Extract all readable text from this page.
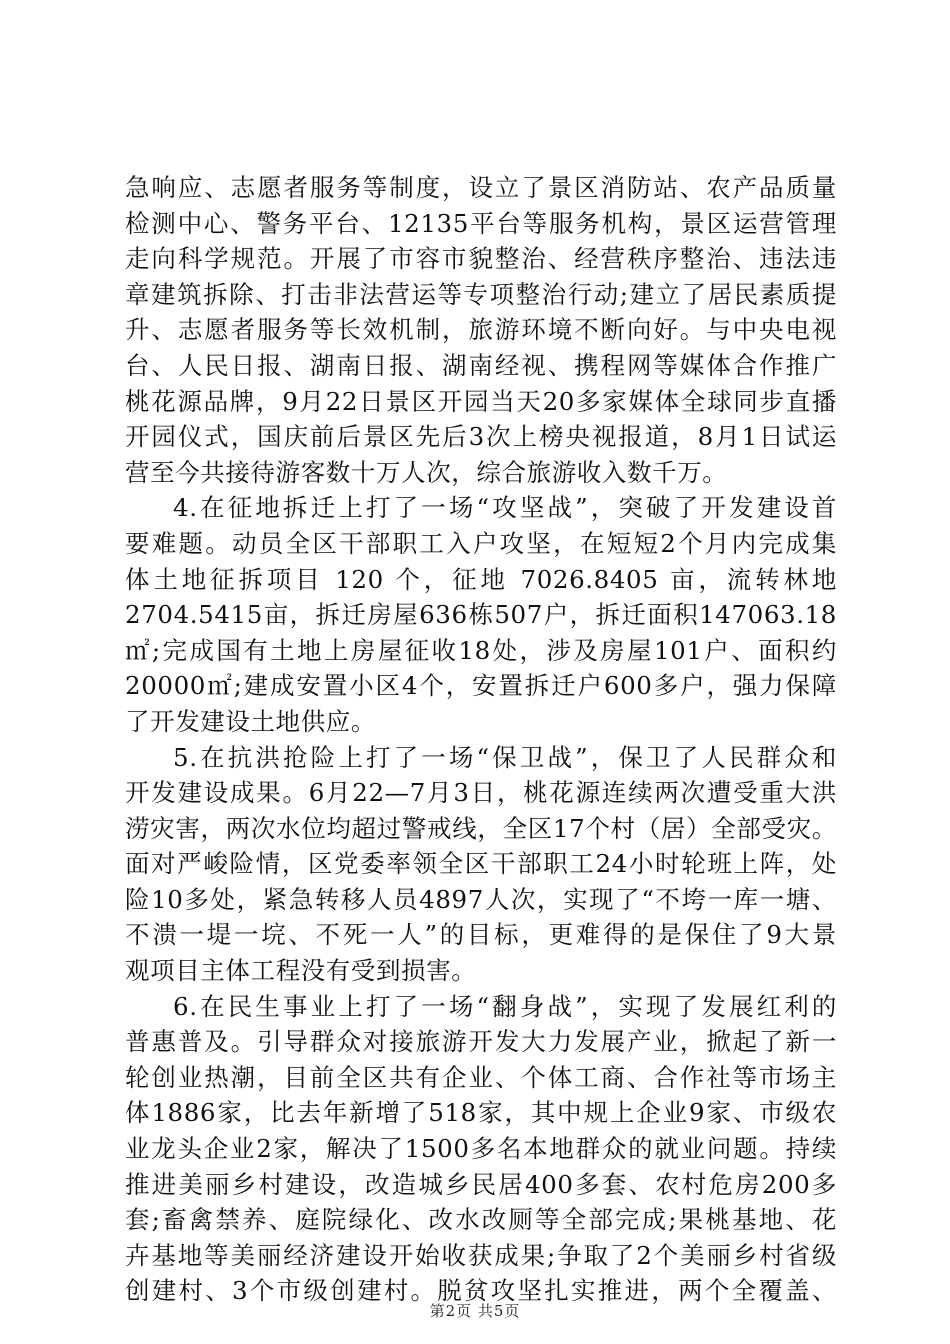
急响应、志愿者服务等制度，设立了景区消防站、农产品质量
检测中心、警务平台、12135平台等服务机构，景区运营管理
走向科学规范。开展了市容市貌整治、经营秩序整治、违法违
章建筑拆除、打击非法营运等专项整治行动;建立了居民素质提
升、志愿者服务等长效机制，旅游环境不断向好。与中央电视
台、人民日报、湖南日报、湖南经视、携程网等媒体合作推广
桃花源品牌，9月22日景区开园当天20多家媒体全球同步直播
开园仪式，国庆前后景区先后3次上榜央视报道，8月1日试运
营至今共接待游客数十万人次，综合旅游收入数千万。
4.在征地拆迁上打了一场“攻坚战”，突破了开发建设首
要难题。动员全区干部职工入户攻坚，在短短2个月内完成集
体土地征拆项目 120 个，征地 7026.8405 亩，流转林地
2704.5415亩，拆迁房屋636栋507户，拆迁面积147063.18
㎡;完成国有土地上房屋征收18处，涉及房屋101户、面积约
20000㎡;建成安置小区4个，安置拆迁户600多户，强力保障
了开发建设土地供应。
5.在抗洪抢险上打了一场“保卫战”，保卫了人民群众和
开发建设成果。6月22—7月3日，桃花源连续两次遭受重大洪
涝灾害，两次水位均超过警戒线，全区17个村（居）全部受灾。
面对严峻险情，区党委率领全区干部职工24小时轮班上阵，处
险10多处，紧急转移人员4897人次，实现了“不垮一库一塘、
不溃一堤一垸、不死一人”的目标，更难得的是保住了9大景
观项目主体工程没有受到损害。
6.在民生事业上打了一场“翻身战”，实现了发展红利的
普惠普及。引导群众对接旅游开发大力发展产业，掀起了新一
轮创业热潮，目前全区共有企业、个体工商、合作社等市场主
体1886家，比去年新增了518家，其中规上企业9家、市级农
业龙头企业2家，解决了1500多名本地群众的就业问题。持续
推进美丽乡村建设，改造城乡民居400多套、农村危房200多
套;畜禽禁养、庭院绿化、改水改厕等全部完成;果桃基地、花
卉基地等美丽经济建设开始收获成果;争取了2个美丽乡村省级
创建村、3个市级创建村。脱贫攻坚扎实推进，两个全覆盖、
第2页 共5页
